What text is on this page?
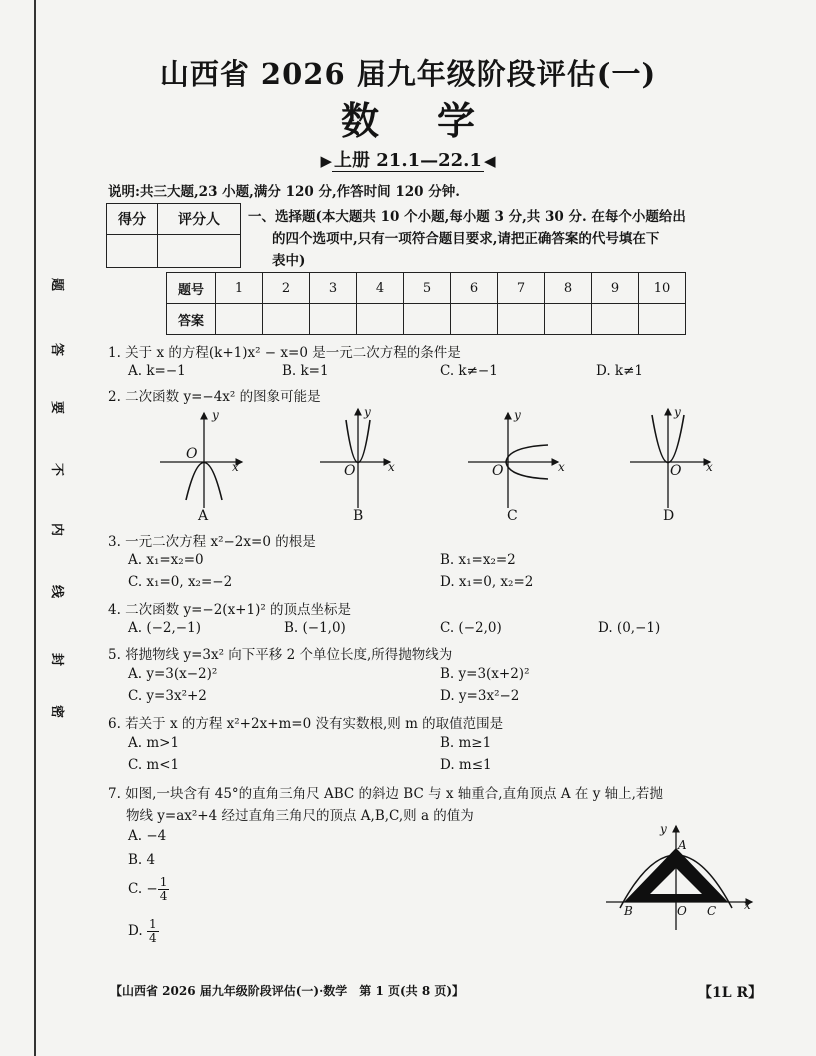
题
答
要
不
内
线
封
密
山西省 2026 届九年级阶段评估(一)
数学
▶ 上册 21.1—22.1 ◀
说明:共三大题,23 小题,满分 120 分,作答时间 120 分钟.
得分	评分人
	一、选择题(本大题共 10 个小题,每小题 3 分,共 30 分. 在每个小题给出
的四个选项中,只有一项符合题目要求,请把正确答案的代号填在下
表中)
题号	1	2	3	4	5	6	7	8	9	10
答案										
1. 关于 x 的方程(k+1)x² − x=0 是一元二次方程的条件是
A. k=−1	B. k=1	C. k≠−1	D. k≠1
2. 二次函数 y=−4x² 的图象可能是
O
x
y
O	x
y
O	x
y
O x
y
A	B	C	D
3. 一元二次方程 x²−2x=0 的根是
A. x₁=x₂=0	B. x₁=x₂=2
C. x₁=0, x₂=−2	D. x₁=0, x₂=2
4. 二次函数 y=−2(x+1)² 的顶点坐标是
A. (−2,−1)	B. (−1,0)	C. (−2,0)	D. (0,−1)
5. 将抛物线 y=3x² 向下平移 2 个单位长度,所得抛物线为
A. y=3(x−2)²	B. y=3(x+2)²
C. y=3x²+2	D. y=3x²−2
6. 若关于 x 的方程 x²+2x+m=0 没有实数根,则 m 的取值范围是
A. m>1	B. m≥1
C. m<1	D. m≤1
7. 如图,一块含有 45°的直角三角尺 ABC 的斜边 BC 与 x 轴重合,直角顶点 A 在 y 轴上,若抛
物线 y=ax²+4 经过直角三角尺的顶点 A,B,C,则 a 的值为
A. −4
B. 4
C. − $\frac{1}{4}$
D. $\frac{1}{4}$
y
x
A
B	C
O
【山西省 2026 届九年级阶段评估(一)·数学　第 1 页(共 8 页)】	【1L R】
